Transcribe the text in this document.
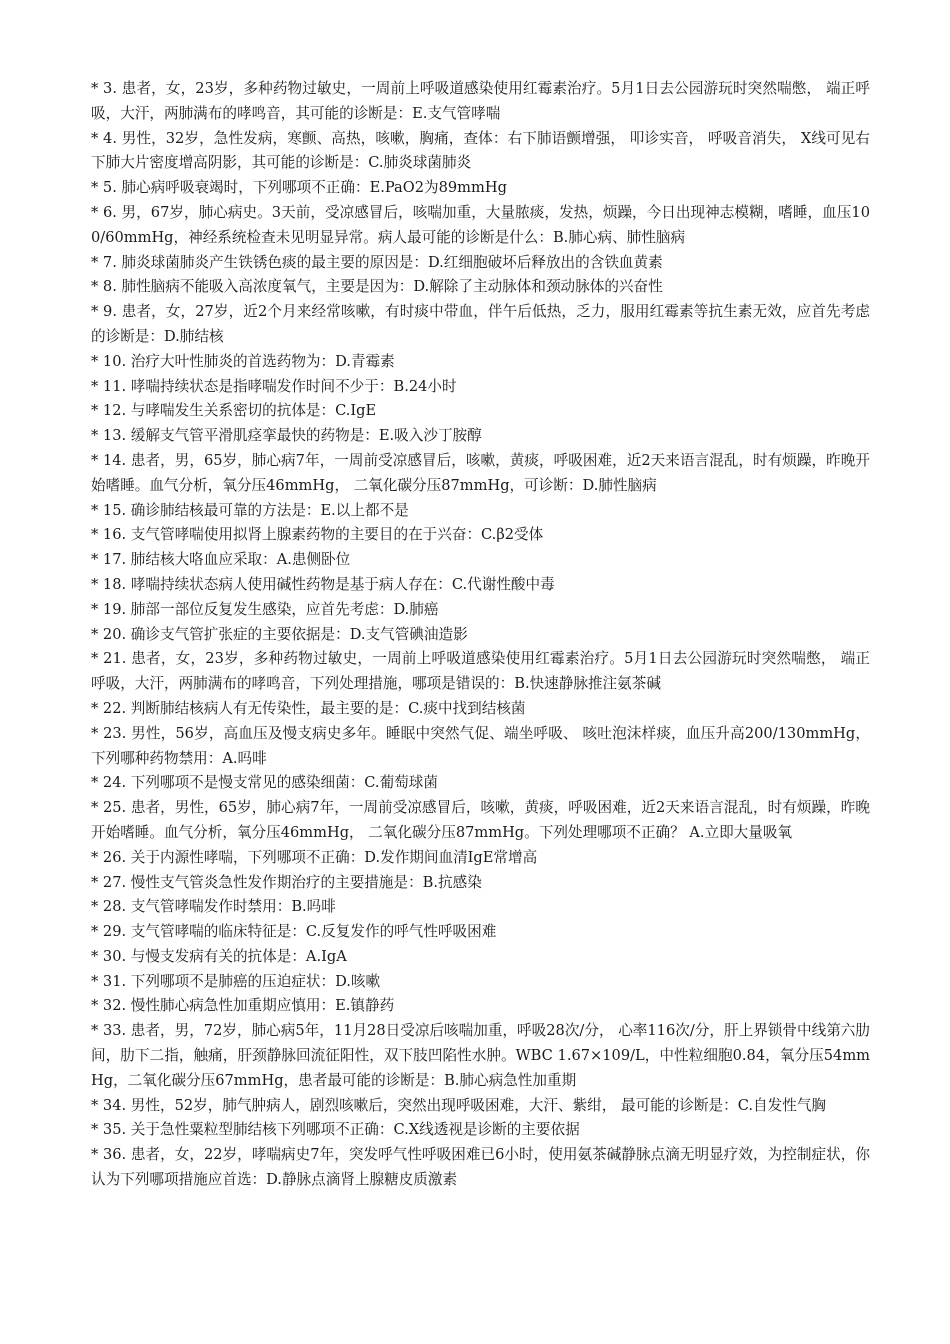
* 3. 患者，女，23岁，多种药物过敏史，一周前上呼吸道感染使用红霉素治疗。5月1日去公园游玩时突然喘憋， 端正呼吸，大汗，两肺满布的哮鸣音，其可能的诊断是：E.支气管哮喘

* 4. 男性，32岁，急性发病，寒颤、高热，咳嗽，胸痛，查体：右下肺语颤增强， 叩诊实音， 呼吸音消失， X线可见右下肺大片密度增高阴影，其可能的诊断是：C.肺炎球菌肺炎

* 5. 肺心病呼吸衰竭时，下列哪项不正确：E.PaO2为89mmHg

* 6. 男，67岁，肺心病史。3天前，受凉感冒后，咳喘加重，大量脓痰，发热，烦躁，今日出现神志模糊，嗜睡，血压100/60mmHg，神经系统检查未见明显异常。病人最可能的诊断是什么：B.肺心病、肺性脑病

* 7. 肺炎球菌肺炎产生铁锈色痰的最主要的原因是：D.红细胞破坏后释放出的含铁血黄素

* 8. 肺性脑病不能吸入高浓度氧气，主要是因为：D.解除了主动脉体和颈动脉体的兴奋性

* 9. 患者，女，27岁，近2个月来经常咳嗽，有时痰中带血，伴午后低热，乏力，服用红霉素等抗生素无效，应首先考虑的诊断是：D.肺结核

* 10. 治疗大叶性肺炎的首选药物为：D.青霉素

* 11. 哮喘持续状态是指哮喘发作时间不少于：B.24小时

* 12. 与哮喘发生关系密切的抗体是：C.IgE

* 13. 缓解支气管平滑肌痉挛最快的药物是：E.吸入沙丁胺醇

* 14. 患者，男，65岁，肺心病7年，一周前受凉感冒后，咳嗽，黄痰，呼吸困难，近2天来语言混乱，时有烦躁，昨晚开始嗜睡。血气分析，氧分压46mmHg， 二氧化碳分压87mmHg，可诊断：D.肺性脑病

* 15. 确诊肺结核最可靠的方法是：E.以上都不是

* 16. 支气管哮喘使用拟肾上腺素药物的主要目的在于兴奋：C.β2受体

* 17. 肺结核大咯血应采取：A.患侧卧位

* 18. 哮喘持续状态病人使用碱性药物是基于病人存在：C.代谢性酸中毒

* 19. 肺部一部位反复发生感染，应首先考虑：D.肺癌

* 20. 确诊支气管扩张症的主要依据是：D.支气管碘油造影

* 21. 患者，女，23岁，多种药物过敏史，一周前上呼吸道感染使用红霉素治疗。5月1日去公园游玩时突然喘憋， 端正呼吸，大汗，两肺满布的哮鸣音，下列处理措施，哪项是错误的：B.快速静脉推注氨茶碱

* 22. 判断肺结核病人有无传染性，最主要的是：C.痰中找到结核菌

* 23. 男性，56岁，高血压及慢支病史多年。睡眠中突然气促、端坐呼吸、 咳吐泡沫样痰，血压升高200/130mmHg，下列哪种药物禁用：A.吗啡

* 24. 下列哪项不是慢支常见的感染细菌：C.葡萄球菌

* 25. 患者，男性，65岁，肺心病7年，一周前受凉感冒后，咳嗽，黄痰，呼吸困难，近2天来语言混乱，时有烦躁，昨晚开始嗜睡。血气分析，氧分压46mmHg， 二氧化碳分压87mmHg。下列处理哪项不正确？ A.立即大量吸氧

* 26. 关于内源性哮喘，下列哪项不正确：D.发作期间血清IgE常增高

* 27. 慢性支气管炎急性发作期治疗的主要措施是：B.抗感染

* 28. 支气管哮喘发作时禁用：B.吗啡

* 29. 支气管哮喘的临床特征是：C.反复发作的呼气性呼吸困难

* 30. 与慢支发病有关的抗体是：A.IgA

* 31. 下列哪项不是肺癌的压迫症状：D.咳嗽

* 32. 慢性肺心病急性加重期应慎用：E.镇静药

* 33. 患者，男，72岁，肺心病5年，11月28日受凉后咳喘加重，呼吸28次/分， 心率116次/分，肝上界锁骨中线第六肋间，肋下二指，触痛，肝颈静脉回流征阳性，双下肢凹陷性水肿。WBC 1.67×109/L，中性粒细胞0.84，氧分压54mmHg，二氧化碳分压67mmHg，患者最可能的诊断是：B.肺心病急性加重期

* 34. 男性，52岁，肺气肿病人，剧烈咳嗽后，突然出现呼吸困难，大汗、紫绀， 最可能的诊断是：C.自发性气胸

* 35. 关于急性粟粒型肺结核下列哪项不正确：C.X线透视是诊断的主要依据

* 36. 患者，女，22岁，哮喘病史7年，突发呼气性呼吸困难已6小时，使用氨茶碱静脉点滴无明显疗效，为控制症状，你认为下列哪项措施应首选：D.静脉点滴肾上腺糖皮质激素
